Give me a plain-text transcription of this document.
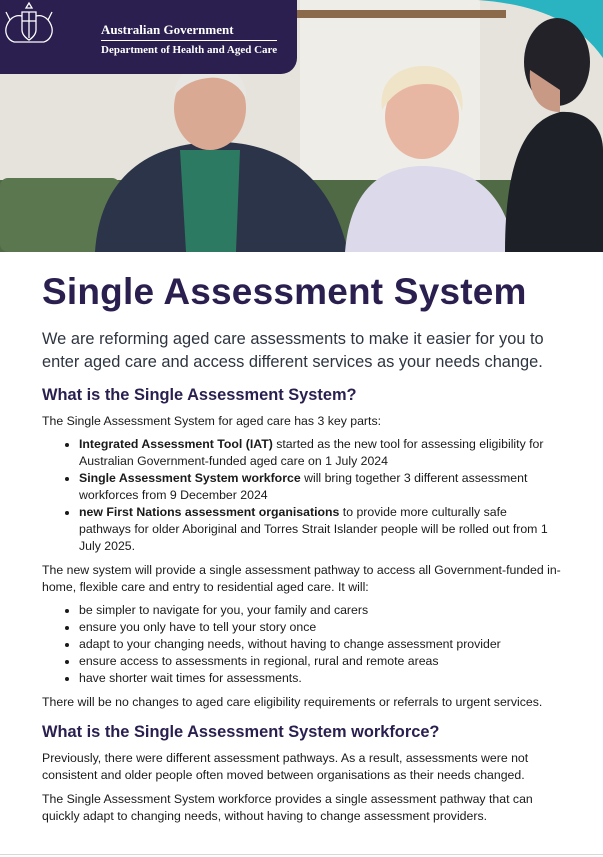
Australian Government
Department of Health and Aged Care
Single Assessment System
We are reforming aged care assessments to make it easier for you to enter aged care and access different services as your needs change.
What is the Single Assessment System?

The Single Assessment System for aged care has 3 key parts:

• Integrated Assessment Tool (IAT) started as the new tool for assessing eligibility for Australian Government-funded aged care on 1 July 2024
• Single Assessment System workforce will bring together 3 different assessment workforces from 9 December 2024
• new First Nations assessment organisations to provide more culturally safe pathways for older Aboriginal and Torres Strait Islander people will be rolled out from 1 July 2025.

The new system will provide a single assessment pathway to access all Government-funded in-home, flexible care and entry to residential aged care. It will:

• be simpler to navigate for you, your family and carers
• ensure you only have to tell your story once
• adapt to your changing needs, without having to change assessment provider
• ensure access to assessments in regional, rural and remote areas
• have shorter wait times for assessments.

There will be no changes to aged care eligibility requirements or referrals to urgent services.

What is the Single Assessment System workforce?

Previously, there were different assessment pathways. As a result, assessments were not consistent and older people often moved between organisations as their needs changed.

The Single Assessment System workforce provides a single assessment pathway that can quickly adapt to changing needs, without having to change assessment providers.
